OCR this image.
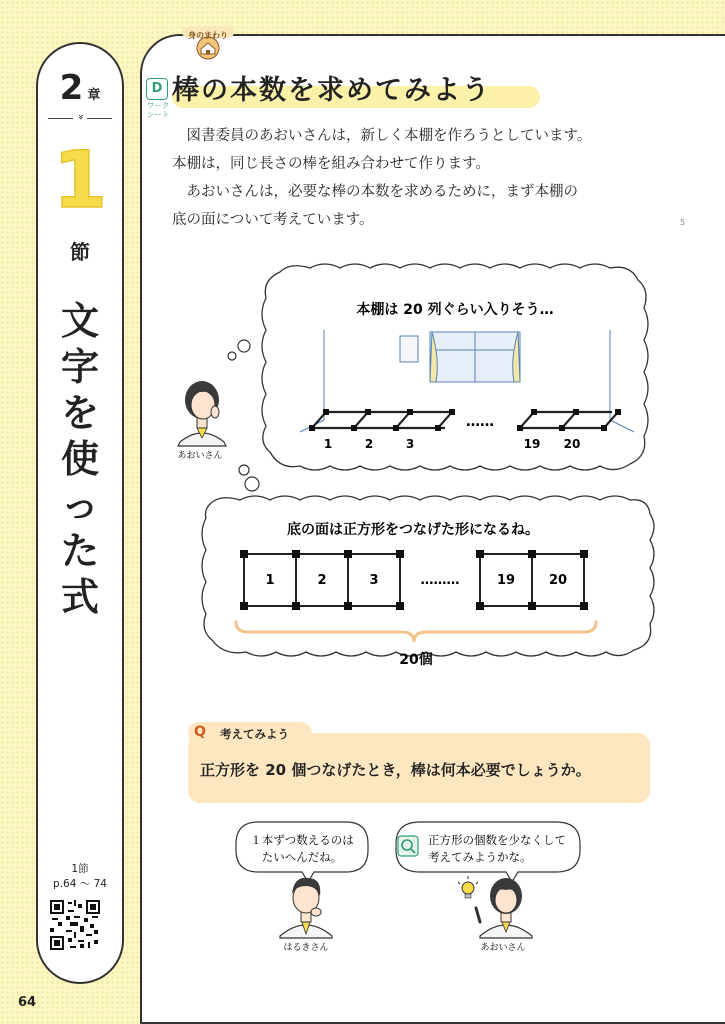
2 章
»
1
節
文
字
を
使
っ
た
式
1節
p.64 ～ 74
64
身のまわり
D
ワーク
シート
棒の本数を求めてみよう
　図書委員のあおいさんは，新しく本棚を作ろうとしています。
本棚は，同じ長さの棒を組み合わせて作ります。
　あおいさんは，必要な棒の本数を求めるために，まず本棚の
底の面について考えています。	5
本棚は 20 列ぐらい入りそう…
……
1	2	3	19 20
あおいさん
底の面は正方形をつなげた形になるね。
1	2	3	19	20
………
20個
Q 考えてみよう
正方形を 20 個つなげたとき，棒は何本必要でしょうか。
１本ずつ数えるのは
たいへんだね。
正方形の個数を少なくして
考えてみようかな。
はるきさん	あおいさん
